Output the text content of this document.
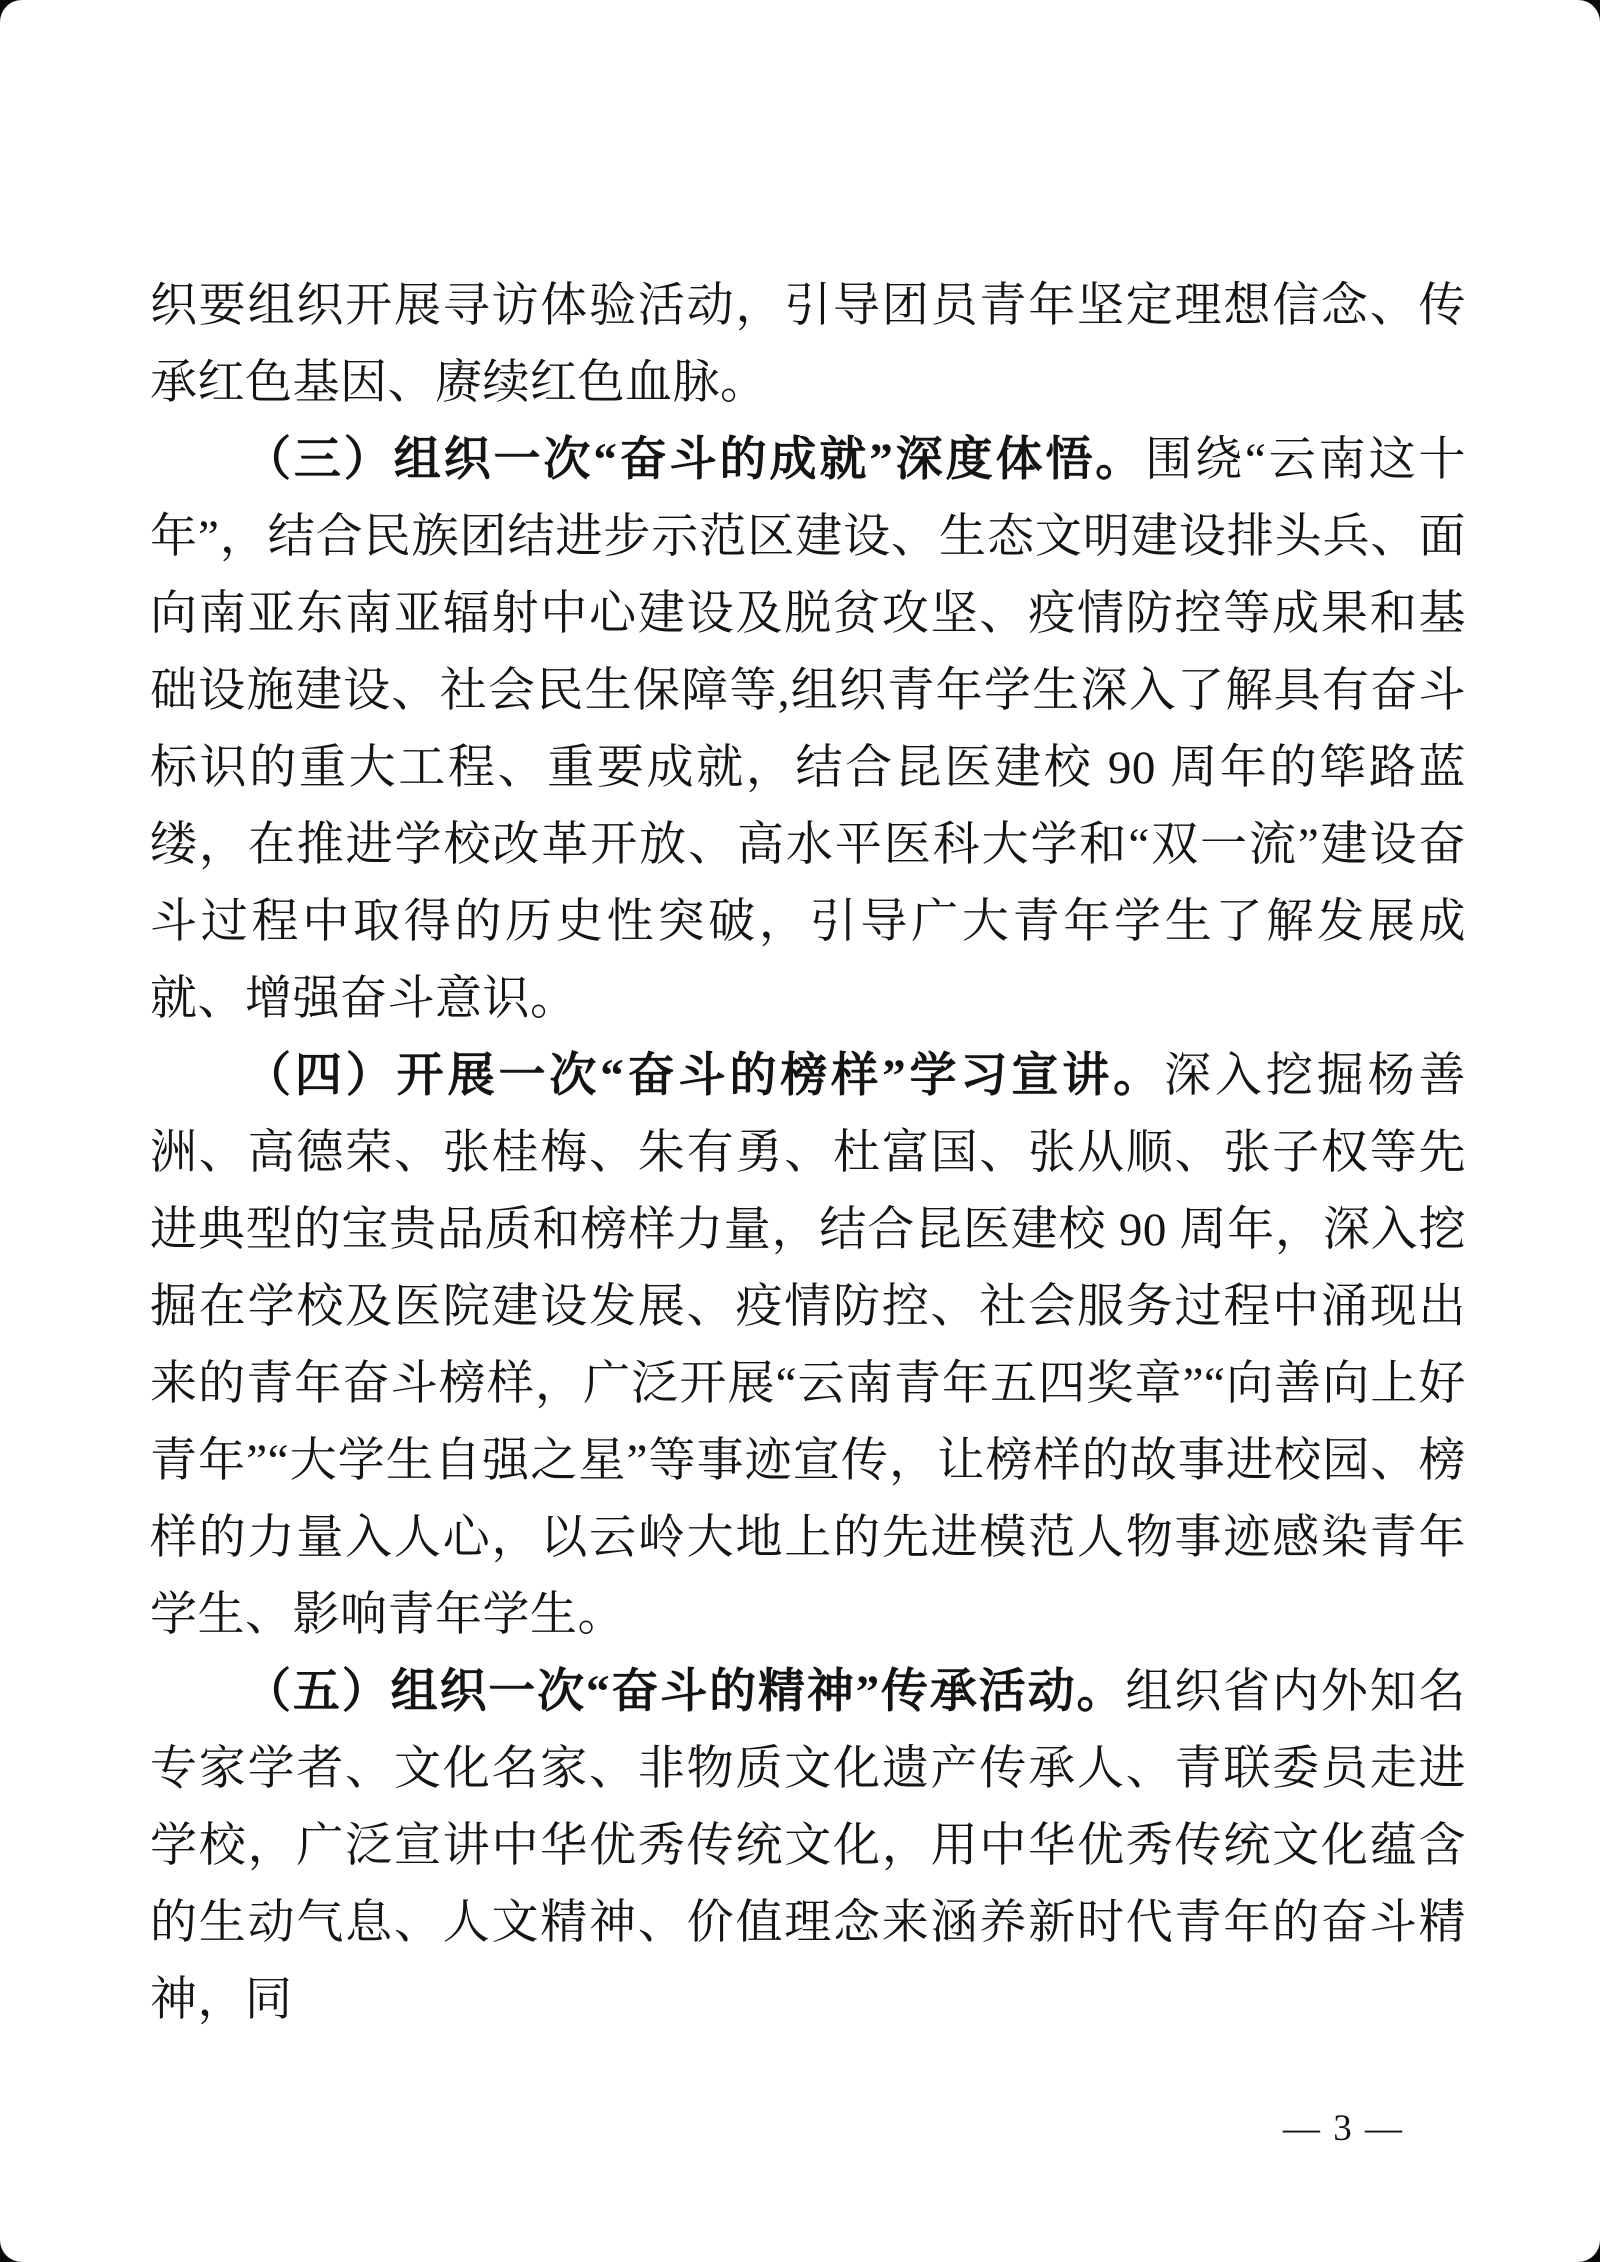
织要组织开展寻访体验活动，引导团员青年坚定理想信念、传承红色基因、赓续红色血脉。

（三）组织一次“奋斗的成就”深度体悟。围绕“云南这十年”，结合民族团结进步示范区建设、生态文明建设排头兵、面向南亚东南亚辐射中心建设及脱贫攻坚、疫情防控等成果和基础设施建设、社会民生保障等,组织青年学生深入了解具有奋斗标识的重大工程、重要成就，结合昆医建校 90 周年的筚路蓝缕，在推进学校改革开放、高水平医科大学和“双一流”建设奋斗过程中取得的历史性突破，引导广大青年学生了解发展成就、增强奋斗意识。

（四）开展一次“奋斗的榜样”学习宣讲。深入挖掘杨善洲、高德荣、张桂梅、朱有勇、杜富国、张从顺、张子权等先进典型的宝贵品质和榜样力量，结合昆医建校 90 周年，深入挖掘在学校及医院建设发展、疫情防控、社会服务过程中涌现出来的青年奋斗榜样，广泛开展“云南青年五四奖章”“向善向上好青年”“大学生自强之星”等事迹宣传，让榜样的故事进校园、榜样的力量入人心，以云岭大地上的先进模范人物事迹感染青年学生、影响青年学生。

（五）组织一次“奋斗的精神”传承活动。组织省内外知名专家学者、文化名家、非物质文化遗产传承人、青联委员走进学校，广泛宣讲中华优秀传统文化，用中华优秀传统文化蕴含的生动气息、人文精神、价值理念来涵养新时代青年的奋斗精神，同

— 3 —
